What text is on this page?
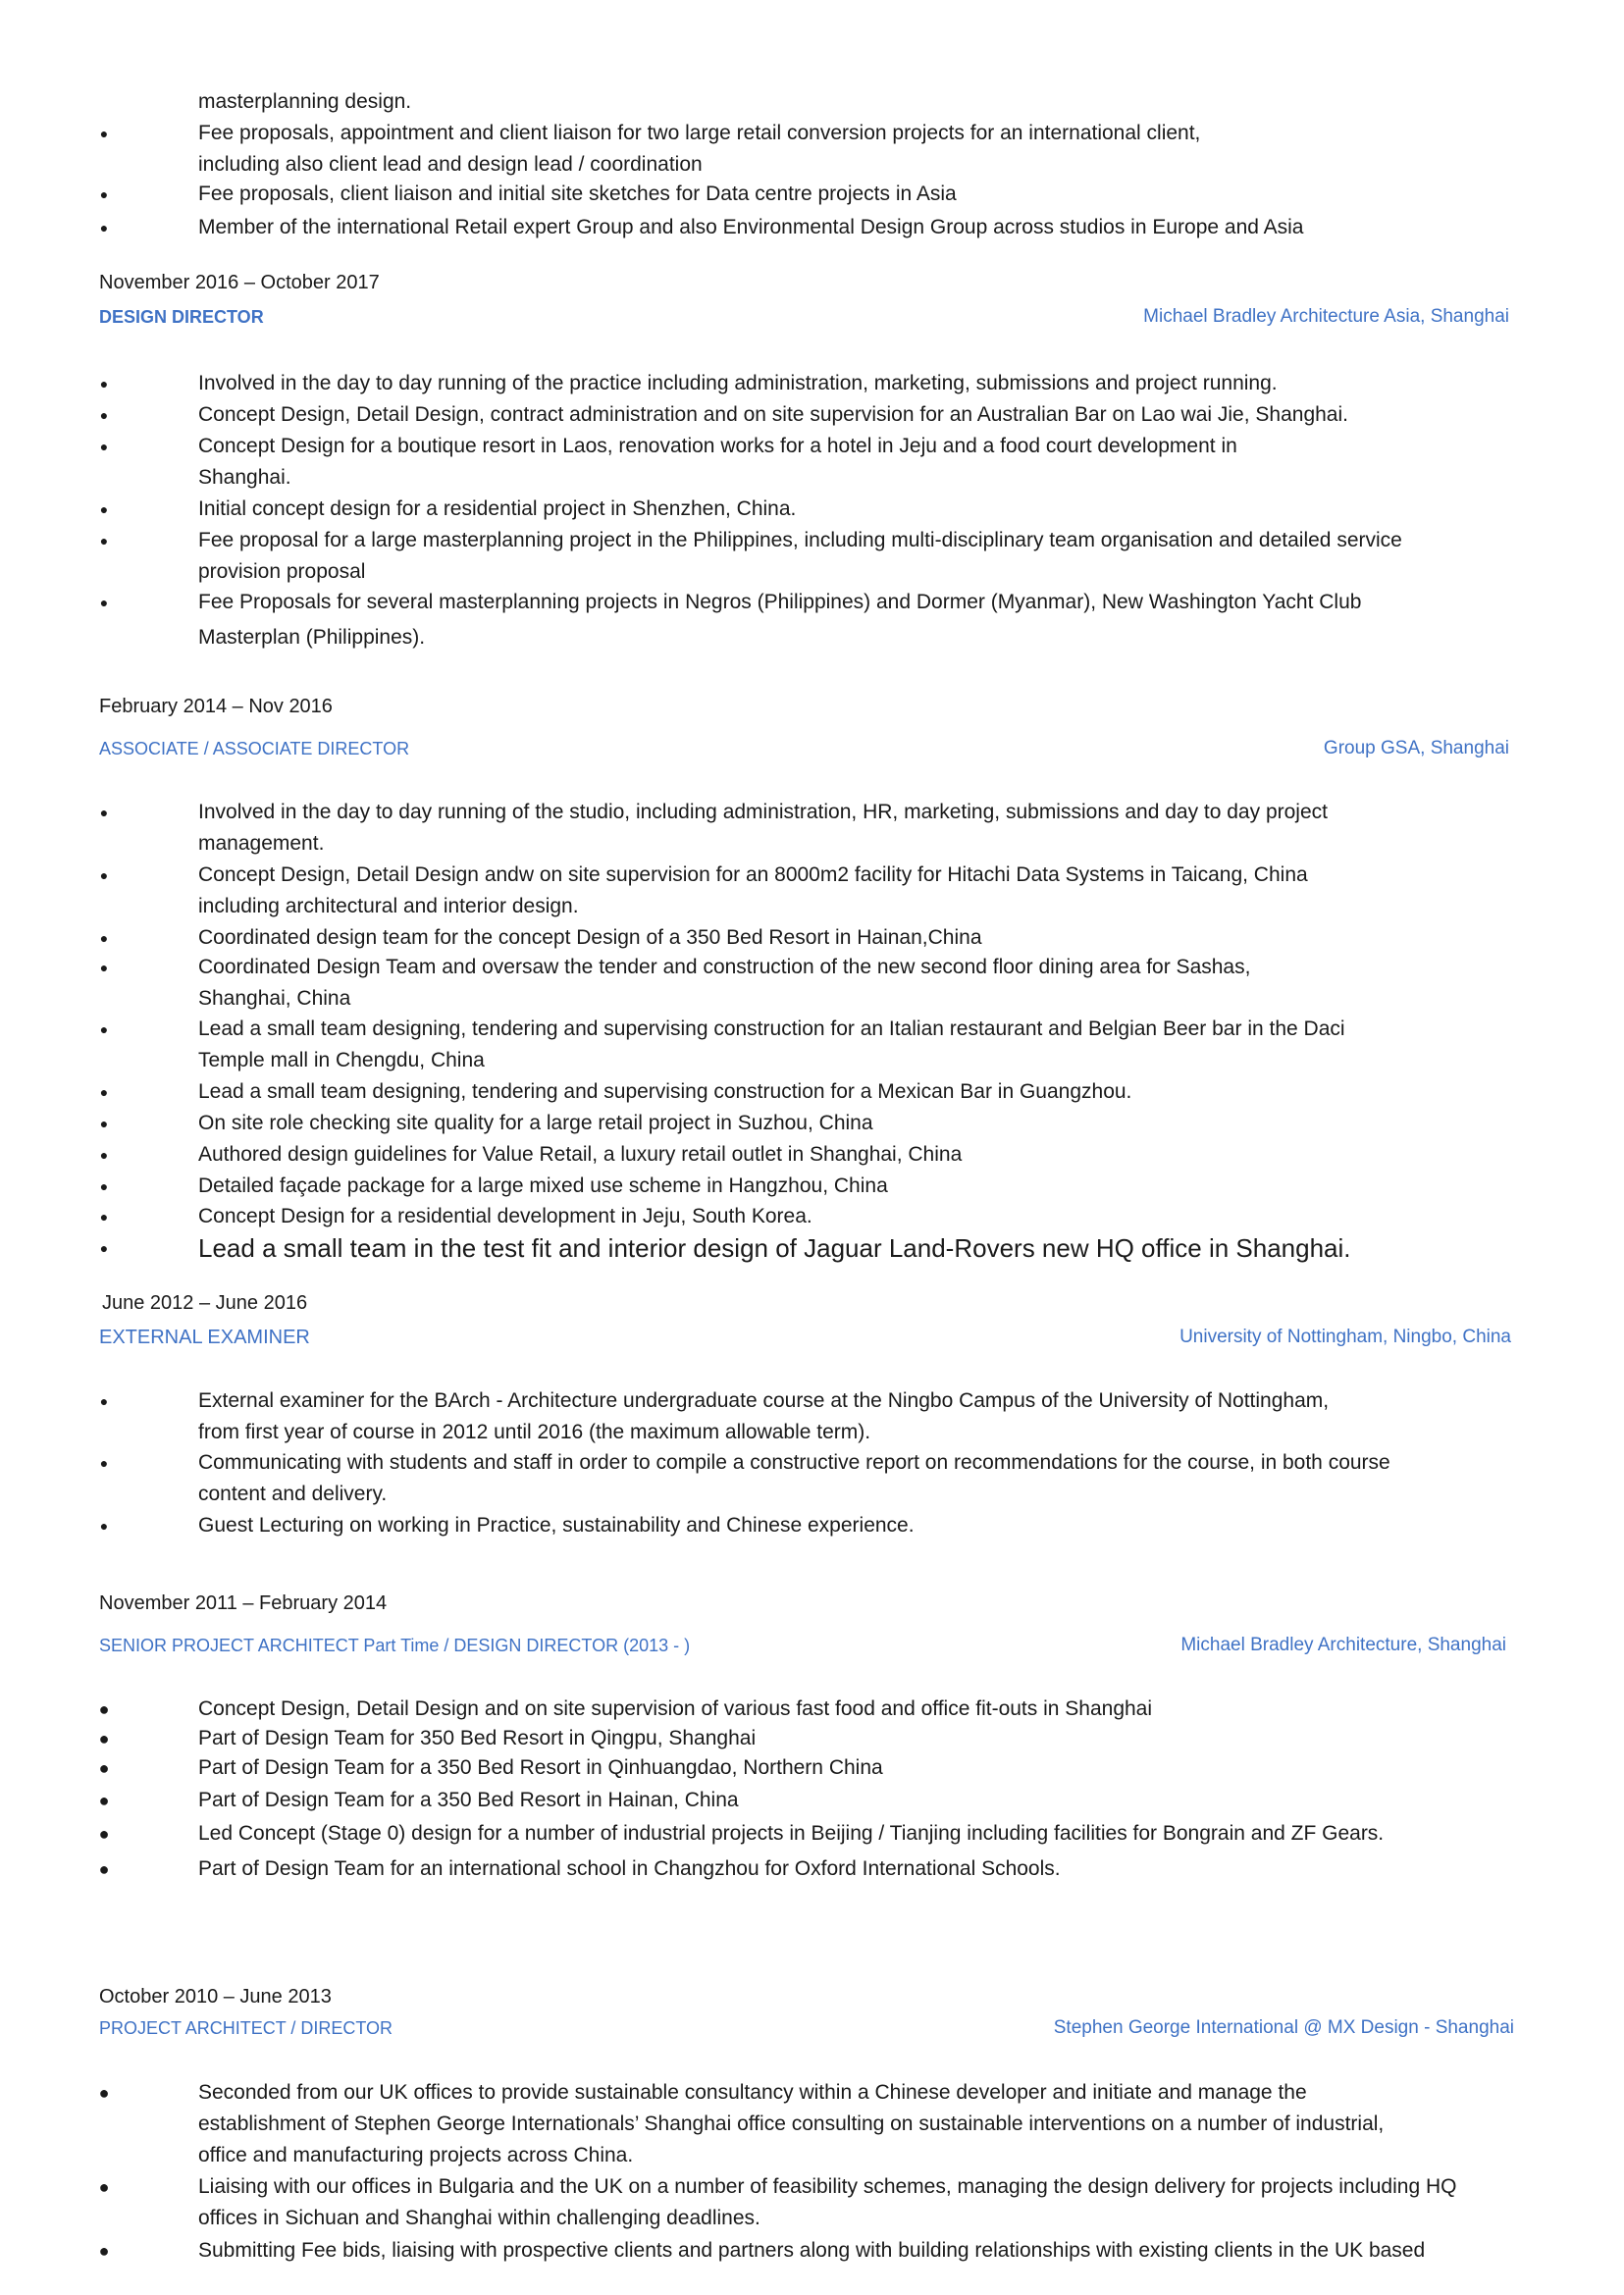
masterplanning design.
●	Fee proposals, appointment and client liaison for two large retail conversion projects for an international client,
including also client lead and design lead / coordination
●	Fee proposals, client liaison and initial site sketches for Data centre projects in Asia
●	Member of the international Retail expert Group and also Environmental Design Group across studios in Europe and Asia
November 2016 – October 2017
DESIGN DIRECTOR	Michael Bradley Architecture Asia, Shanghai
●	Involved in the day to day running of the practice including administration, marketing, submissions and project running.
●	Concept Design, Detail Design, contract administration and on site supervision for an Australian Bar on Lao wai Jie, Shanghai.
●	Concept Design for a boutique resort in Laos, renovation works for a hotel in Jeju and a food court development in
Shanghai.
●	Initial concept design for a residential project in Shenzhen, China.
●	Fee proposal for a large masterplanning project in the Philippines, including multi-disciplinary team organisation and detailed service
provision proposal
●	Fee Proposals for several masterplanning projects in Negros (Philippines) and Dormer (Myanmar), New Washington Yacht Club
Masterplan (Philippines).
February 2014 – Nov 2016
ASSOCIATE / ASSOCIATE DIRECTOR	Group GSA, Shanghai
●	Involved in the day to day running of the studio, including administration, HR, marketing, submissions and day to day project
management.
●	Concept Design, Detail Design andw on site supervision for an 8000m2 facility for Hitachi Data Systems in Taicang, China
including architectural and interior design.
●	Coordinated design team for the concept Design of a 350 Bed Resort in Hainan,China
●	Coordinated Design Team and oversaw the tender and construction of the new second floor dining area for Sashas,
Shanghai, China
●	Lead a small team designing, tendering and supervising construction for an Italian restaurant and Belgian Beer bar in the Daci
Temple mall in Chengdu, China
●	Lead a small team designing, tendering and supervising construction for a Mexican Bar in Guangzhou.
●	On site role checking site quality for a large retail project in Suzhou, China
●	Authored design guidelines for Value Retail, a luxury retail outlet in Shanghai, China
●	Detailed façade package for a large mixed use scheme in Hangzhou, China
●	Concept Design for a residential development in Jeju, South Korea.
●	Lead a small team in the test fit and interior design of Jaguar Land-Rovers new HQ office in Shanghai.
June 2012 – June 2016
EXTERNAL EXAMINER	University of Nottingham, Ningbo, China
●	External examiner for the BArch - Architecture undergraduate course at the Ningbo Campus of the University of Nottingham,
from first year of course in 2012 until 2016 (the maximum allowable term).
●	Communicating with students and staff in order to compile a constructive report on recommendations for the course, in both course
content and delivery.
●	Guest Lecturing on working in Practice, sustainability and Chinese experience.
November 2011 – February 2014
SENIOR PROJECT ARCHITECT Part Time / DESIGN DIRECTOR (2013 - )	Michael Bradley Architecture, Shanghai
●	Concept Design, Detail Design and on site supervision of various fast food and office fit-outs in Shanghai
●	Part of Design Team for 350 Bed Resort in Qingpu, Shanghai
●	Part of Design Team for a 350 Bed Resort in Qinhuangdao, Northern China
●	Part of Design Team for a 350 Bed Resort in Hainan, China
●	Led Concept (Stage 0) design for a number of industrial projects in Beijing / Tianjing including facilities for Bongrain and ZF Gears.
●	Part of Design Team for an international school in Changzhou for Oxford International Schools.
October 2010 – June 2013
PROJECT ARCHITECT / DIRECTOR	Stephen George International @ MX Design - Shanghai
●	Seconded from our UK offices to provide sustainable consultancy within a Chinese developer and initiate and manage the
establishment of Stephen George Internationals’ Shanghai office consulting on sustainable interventions on a number of industrial,
office and manufacturing projects across China.
●	Liaising with our offices in Bulgaria and the UK on a number of feasibility schemes, managing the design delivery for projects including HQ
offices in Sichuan and Shanghai within challenging deadlines.
●	Submitting Fee bids, liaising with prospective clients and partners along with building relationships with existing clients in the UK based
